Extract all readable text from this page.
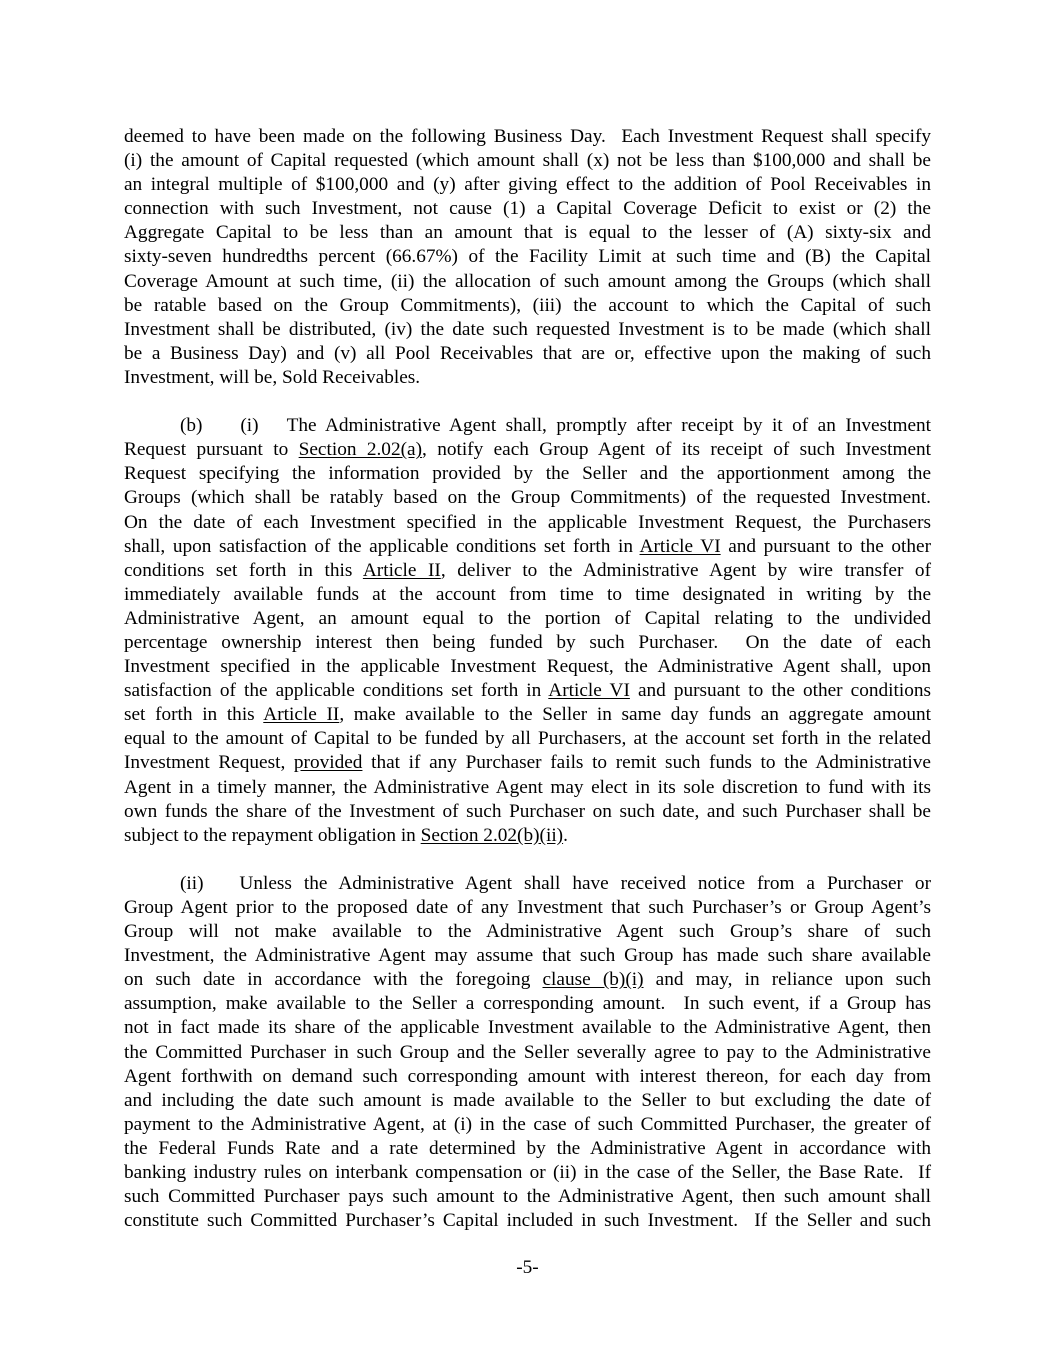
deemed to have been made on the following Business Day.  Each Investment Request shall specify
(i) the amount of Capital requested (which amount shall (x) not be less than $100,000 and shall be
an integral multiple of $100,000 and (y) after giving effect to the addition of Pool Receivables in
connection with such Investment, not cause (1) a Capital Coverage Deficit to exist or (2) the
Aggregate Capital to be less than an amount that is equal to the lesser of (A) sixty-six and
sixty-seven hundredths percent (66.67%) of the Facility Limit at such time and (B) the Capital
Coverage Amount at such time, (ii) the allocation of such amount among the Groups (which shall
be ratable based on the Group Commitments), (iii) the account to which the Capital of such
Investment shall be distributed, (iv) the date such requested Investment is to be made (which shall
be a Business Day) and (v) all Pool Receivables that are or, effective upon the making of such
Investment, will be, Sold Receivables.
(b)    (i)   The Administrative Agent shall, promptly after receipt by it of an Investment
Request pursuant to Section 2.02(a), notify each Group Agent of its receipt of such Investment
Request specifying the information provided by the Seller and the apportionment among the
Groups (which shall be ratably based on the Group Commitments) of the requested Investment.
On the date of each Investment specified in the applicable Investment Request, the Purchasers
shall, upon satisfaction of the applicable conditions set forth in Article VI and pursuant to the other
conditions set forth in this Article II, deliver to the Administrative Agent by wire transfer of
immediately available funds at the account from time to time designated in writing by the
Administrative Agent, an amount equal to the portion of Capital relating to the undivided
percentage ownership interest then being funded by such Purchaser.  On the date of each
Investment specified in the applicable Investment Request, the Administrative Agent shall, upon
satisfaction of the applicable conditions set forth in Article VI and pursuant to the other conditions
set forth in this Article II, make available to the Seller in same day funds an aggregate amount
equal to the amount of Capital to be funded by all Purchasers, at the account set forth in the related
Investment Request, provided that if any Purchaser fails to remit such funds to the Administrative
Agent in a timely manner, the Administrative Agent may elect in its sole discretion to fund with its
own funds the share of the Investment of such Purchaser on such date, and such Purchaser shall be
subject to the repayment obligation in Section 2.02(b)(ii).
(ii)   Unless the Administrative Agent shall have received notice from a Purchaser or
Group Agent prior to the proposed date of any Investment that such Purchaser’s or Group Agent’s
Group will not make available to the Administrative Agent such Group’s share of such
Investment, the Administrative Agent may assume that such Group has made such share available
on such date in accordance with the foregoing clause (b)(i) and may, in reliance upon such
assumption, make available to the Seller a corresponding amount.  In such event, if a Group has
not in fact made its share of the applicable Investment available to the Administrative Agent, then
the Committed Purchaser in such Group and the Seller severally agree to pay to the Administrative
Agent forthwith on demand such corresponding amount with interest thereon, for each day from
and including the date such amount is made available to the Seller to but excluding the date of
payment to the Administrative Agent, at (i) in the case of such Committed Purchaser, the greater of
the Federal Funds Rate and a rate determined by the Administrative Agent in accordance with
banking industry rules on interbank compensation or (ii) in the case of the Seller, the Base Rate.  If
such Committed Purchaser pays such amount to the Administrative Agent, then such amount shall
constitute such Committed Purchaser’s Capital included in such Investment.  If the Seller and such
-5-
